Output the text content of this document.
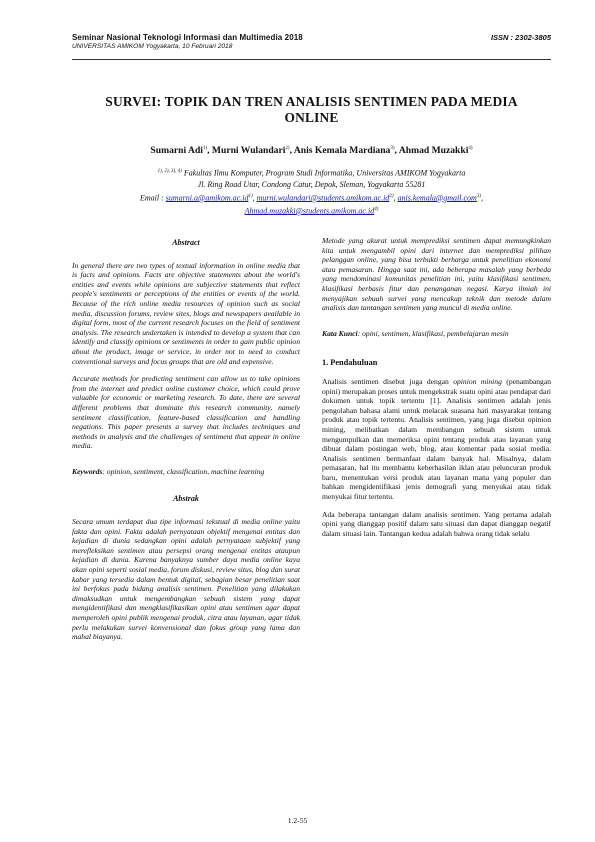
Seminar Nasional Teknologi Informasi dan Multimedia 2018
UNIVERSITAS AMIKOM Yogyakarta, 10 Februari 2018
ISSN : 2302-3805
SURVEI: TOPIK DAN TREN ANALISIS SENTIMEN PADA MEDIA
ONLINE
Sumarni Adi$^{1)}$, Murni Wulandari$^{2)}$, Anis Kemala Mardiana$^{3)}$, Ahmad Muzakki$^{4)}$
$^{1), 2), 3), 4)}$ Fakultas Ilmu Komputer, Program Studi Informatika, Universitas AMIKOM Yogyakarta
Jl. Ring Road Utar, Condong Catur, Depok, Sleman, Yogyakarta 55281
Email : $sumarni.a@amikom.ac.id^{1)}$, $murni.wulandari@students.amikom.ac.id^{2)}$, anis.kemala@gmail.com$^{3)}$,
$Ahmad.muzakki@students.amikom.ac.id^{4)}$
Abstract

In general there are two types of textual information in online media that is facts and opinions. Facts are objective statements about the world's entities and events while opinions are subjective statements that reflect people's sentiments or perceptions of the entities or events of the world. Because of the rich online media resources of opinion such as social media, discussion forums, review sites, blogs and newspapers available in digital form, most of the current research focuses on the field of sentiment analysis. The research undertaken is intended to develop a system that can identify and classify opinions or sentiments in order to gain public opinion about the product, image or service, in order not to need to conduct conventional surveys and focus groups that are old and expensive.

Accurate methods for predicting sentiment can allow us to take opinions from the internet and predict online customer choice, which could prove valuable for economic or marketing research. To date, there are several different problems that dominate this research community, namely sentiment classification, feature-based classification and handling negations. This paper presents a survey that includes techniques and methods in analysis and the challenges of sentiment that appear in online media.

Keywords: opinion, sentiment, classification, machine learning

Abstrak

Secara umum terdapat dua tipe informasi tekstual di media online yaitu fakta dan opini. Fakta adalah pernyataan objektif mengenai entitas dan kejadian di dunia sedangkan opini adalah pernyataan subjektif yang merefleksikan sentimen atau persepsi orang mengenai entitas ataupun kejadian di dunia. Karena banyaknya sumber daya media online kaya akan opini seperti sosial media, forum diskusi, review situs, blog dan surat kabar yang tersedia dalam bentuk digital, sebagian besar penelitian saat ini berfokus pada bidang analisis sentimen. Penelitian yang dilakukan dimaksudkan untuk mengembangkan sebuah sistem yang dapat mengidentifikasi dan mengklasifikasikan opini atau sentimen agar dapat memperoleh opini publik mengenai produk, citra atau layanan, agar tidak perlu melakukan survei konvensional dan fokus group yang lama dan mahal biayanya.

Metode yang akurat untuk memprediksi sentimen dapat memungkinkan kita untuk mengambil opini dari internet dan memprediksi pilihan pelanggan online, yang bisa terbukti berharga untuk penelitian ekonomi atau pemasaran. Hingga saat ini, ada beberapa masalah yang berbeda yang mendominasi komunitas penelitian ini, yaitu klasifikasi sentimen, klasifikasi berbasis fitur dan penanganan negasi. Karya ilmiah ini menyajikan sebuah survei yang mencakup teknik dan metode dalam analisis dan tantangan sentimen yang muncul di media online.

Kata Kunci: opini, sentimen, klasifikasi, pembelajaran mesin

1. Pendahuluan

Analisis sentimen disebut juga dengan opinion mining (penambangan opini) merupakan proses untuk mengekstrak suatu opini atau pendapat dari dokumen untuk topik tertentu [1]. Analisis sentimen adalah jenis pengolahan bahasa alami untuk melacak suasana hati masyarakat tentang produk atau topik tertentu. Analisis sentimen, yang juga disebut opinion mining, melibatkan dalam membangun sebuah sistem untuk mengumpulkan dan memeriksa opini tentang produk atau layanan yang dibuat dalam postingan web, blog, atau komentar pada sosial media. Analisis sentimen bermanfaat dalam banyak hal. Misalnya, dalam pemasaran, hal itu membantu keberhasilan iklan atau peluncuran produk baru, menentukan versi produk atau layanan mana yang populer dan bahkan mengidentifikasi jenis demografi yang menyukai atau tidak menyukai fitur tertentu.

Ada beberapa tantangan dalam analisis sentimen. Yang pertama adalah opini yang dianggap positif dalam satu situasi dan dapat dianggap negatif dalam situasi lain. Tantangan kedua adalah bahwa orang tidak selalu

1.2-55
